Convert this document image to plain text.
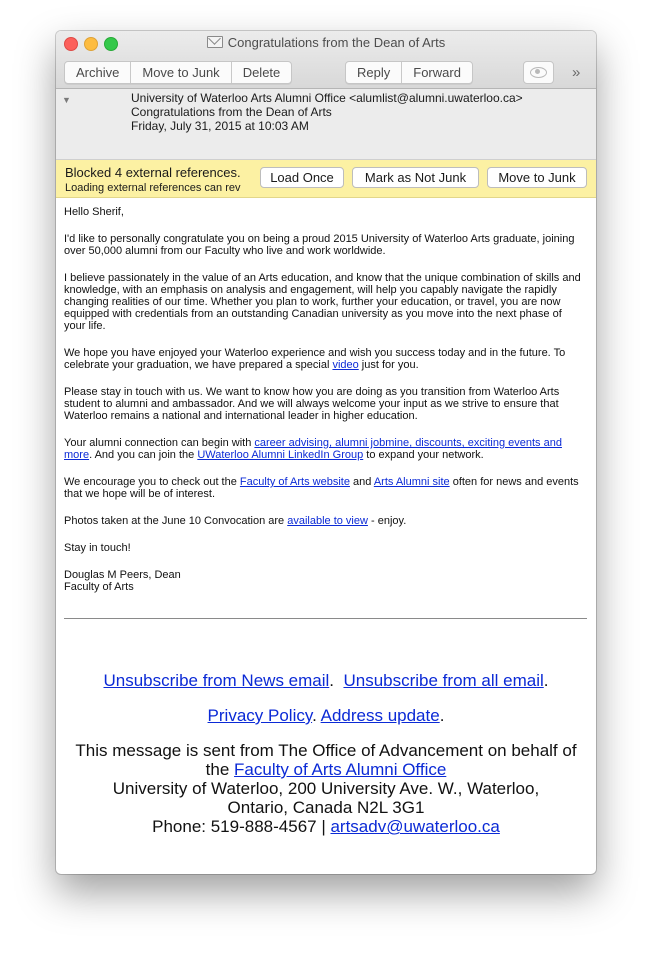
Congratulations from the Dean of Arts
Archive	Move to Junk	Delete	Reply	Forward	»
▼	University of Waterloo Arts Alumni Office <alumlist@alumni.uwaterloo.ca>
Congratulations from the Dean of Arts
Friday, July 31, 2015 at 10:03 AM
Blocked 4 external references.
Loading external references can rev
Load Once	Mark as Not Junk	Move to Junk

Hello Sherif,

I'd like to personally congratulate you on being a proud 2015 University of Waterloo Arts graduate, joining over 50,000 alumni from our Faculty who live and work worldwide.

I believe passionately in the value of an Arts education, and know that the unique combination of skills and knowledge, with an emphasis on analysis and engagement, will help you capably navigate the rapidly changing realities of our time. Whether you plan to work, further your education, or travel, you are now equipped with credentials from an outstanding Canadian university as you move into the next phase of your life.

We hope you have enjoyed your Waterloo experience and wish you success today and in the future. To celebrate your graduation, we have prepared a special video just for you.

Please stay in touch with us. We want to know how you are doing as you transition from Waterloo Arts student to alumni and ambassador. And we will always welcome your input as we strive to ensure that Waterloo remains a national and international leader in higher education.

Your alumni connection can begin with career advising, alumni jobmine, discounts, exciting events and more. And you can join the UWaterloo Alumni LinkedIn Group to expand your network.

We encourage you to check out the Faculty of Arts website and Arts Alumni site often for news and events that we hope will be of interest.

Photos taken at the June 10 Convocation are available to view - enjoy.

Stay in touch!

Douglas M Peers, Dean
Faculty of Arts
Unsubscribe from News email.  Unsubscribe from all email.
Privacy Policy. Address update.
This message is sent from The Office of Advancement on behalf of the Faculty of Arts Alumni Office
University of Waterloo, 200 University Ave. W., Waterloo, Ontario, Canada N2L 3G1
Phone: 519-888-4567 | artsadv@uwaterloo.ca
